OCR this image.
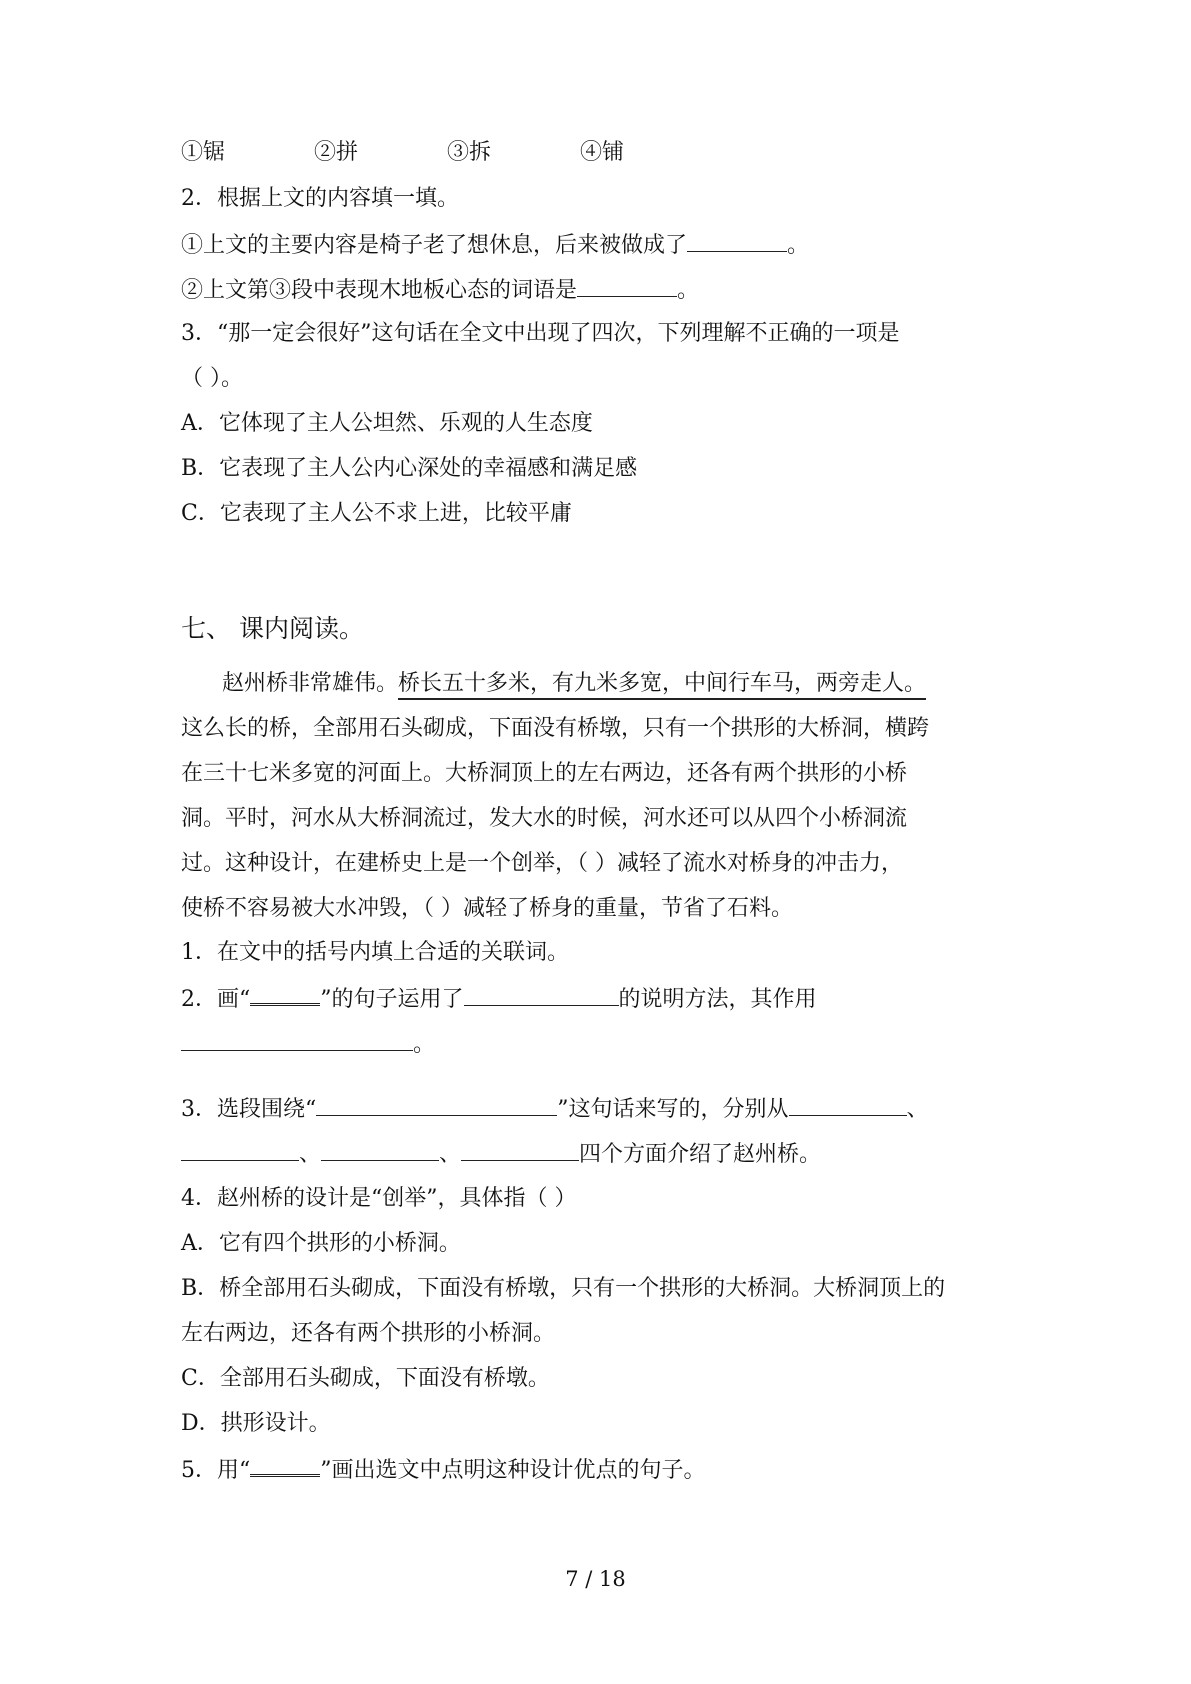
①锯	②拼	③拆	④铺
2．根据上文的内容填一填。
①上文的主要内容是椅子老了想休息，后来被做成了	。
②上文第③段中表现木地板心态的词语是	。
3．“那一定会很好”这句话在全文中出现了四次，下列理解不正确的一项是
（ ）。
A．它体现了主人公坦然、乐观的人生态度
B．它表现了主人公内心深处的幸福感和满足感
C．它表现了主人公不求上进，比较平庸
七、 课内阅读。
赵州桥非常雄伟。桥长五十多米，有九米多宽，中间行车马，两旁走人。
这么长的桥，全部用石头砌成，下面没有桥墩，只有一个拱形的大桥洞，横跨
在三十七米多宽的河面上。大桥洞顶上的左右两边，还各有两个拱形的小桥
洞。平时，河水从大桥洞流过，发大水的时候，河水还可以从四个小桥洞流
过。这种设计，在建桥史上是一个创举，（ ）减轻了流水对桥身的冲击力，
使桥不容易被大水冲毁，（ ）减轻了桥身的重量，节省了石料。
1．在文中的括号内填上合适的关联词。
2．画“	”的句子运用了	的说明方法，其作用
。
3．选段围绕“	”这句话来写的，分别从	、
、	、	四个方面介绍了赵州桥。
4．赵州桥的设计是“创举”，具体指（ ）
A．它有四个拱形的小桥洞。
B．桥全部用石头砌成，下面没有桥墩，只有一个拱形的大桥洞。大桥洞顶上的
左右两边，还各有两个拱形的小桥洞。
C．全部用石头砌成，下面没有桥墩。
D．拱形设计。
5．用“	”画出选文中点明这种设计优点的句子。
7 / 18
